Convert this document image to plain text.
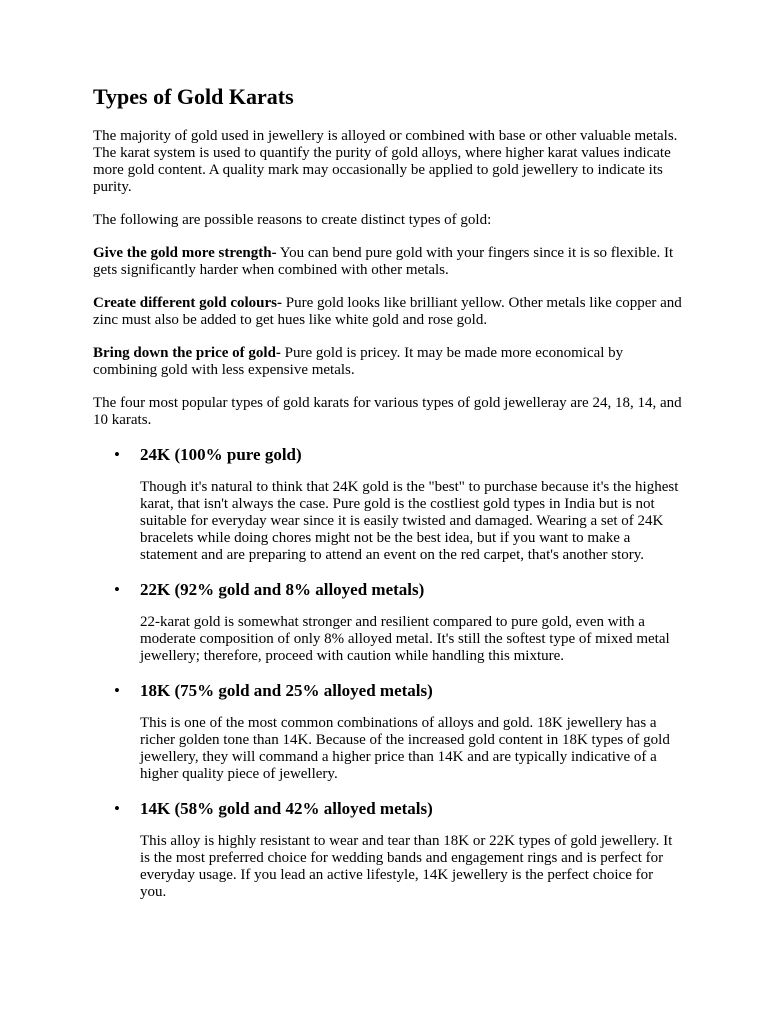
Types of Gold Karats

The majority of gold used in jewellery is alloyed or combined with base or other valuable metals. The karat system is used to quantify the purity of gold alloys, where higher karat values indicate more gold content. A quality mark may occasionally be applied to gold jewellery to indicate its purity.

The following are possible reasons to create distinct types of gold:

Give the gold more strength- You can bend pure gold with your fingers since it is so flexible. It gets significantly harder when combined with other metals.

Create different gold colours- Pure gold looks like brilliant yellow. Other metals like copper and zinc must also be added to get hues like white gold and rose gold.

Bring down the price of gold- Pure gold is pricey. It may be made more economical by combining gold with less expensive metals.

The four most popular types of gold karats for various types of gold jewelleray are 24, 18, 14, and 10 karats.

• 24K (100% pure gold)

Though it's natural to think that 24K gold is the "best" to purchase because it's the highest karat, that isn't always the case. Pure gold is the costliest gold types in India but is not suitable for everyday wear since it is easily twisted and damaged. Wearing a set of 24K bracelets while doing chores might not be the best idea, but if you want to make a statement and are preparing to attend an event on the red carpet, that's another story.

• 22K (92% gold and 8% alloyed metals)

22-karat gold is somewhat stronger and resilient compared to pure gold, even with a moderate composition of only 8% alloyed metal. It's still the softest type of mixed metal jewellery; therefore, proceed with caution while handling this mixture.

• 18K (75% gold and 25% alloyed metals)

This is one of the most common combinations of alloys and gold. 18K jewellery has a richer golden tone than 14K. Because of the increased gold content in 18K types of gold jewellery, they will command a higher price than 14K and are typically indicative of a higher quality piece of jewellery.

• 14K (58% gold and 42% alloyed metals)

This alloy is highly resistant to wear and tear than 18K or 22K types of gold jewellery. It is the most preferred choice for wedding bands and engagement rings and is perfect for everyday usage. If you lead an active lifestyle, 14K jewellery is the perfect choice for you.
